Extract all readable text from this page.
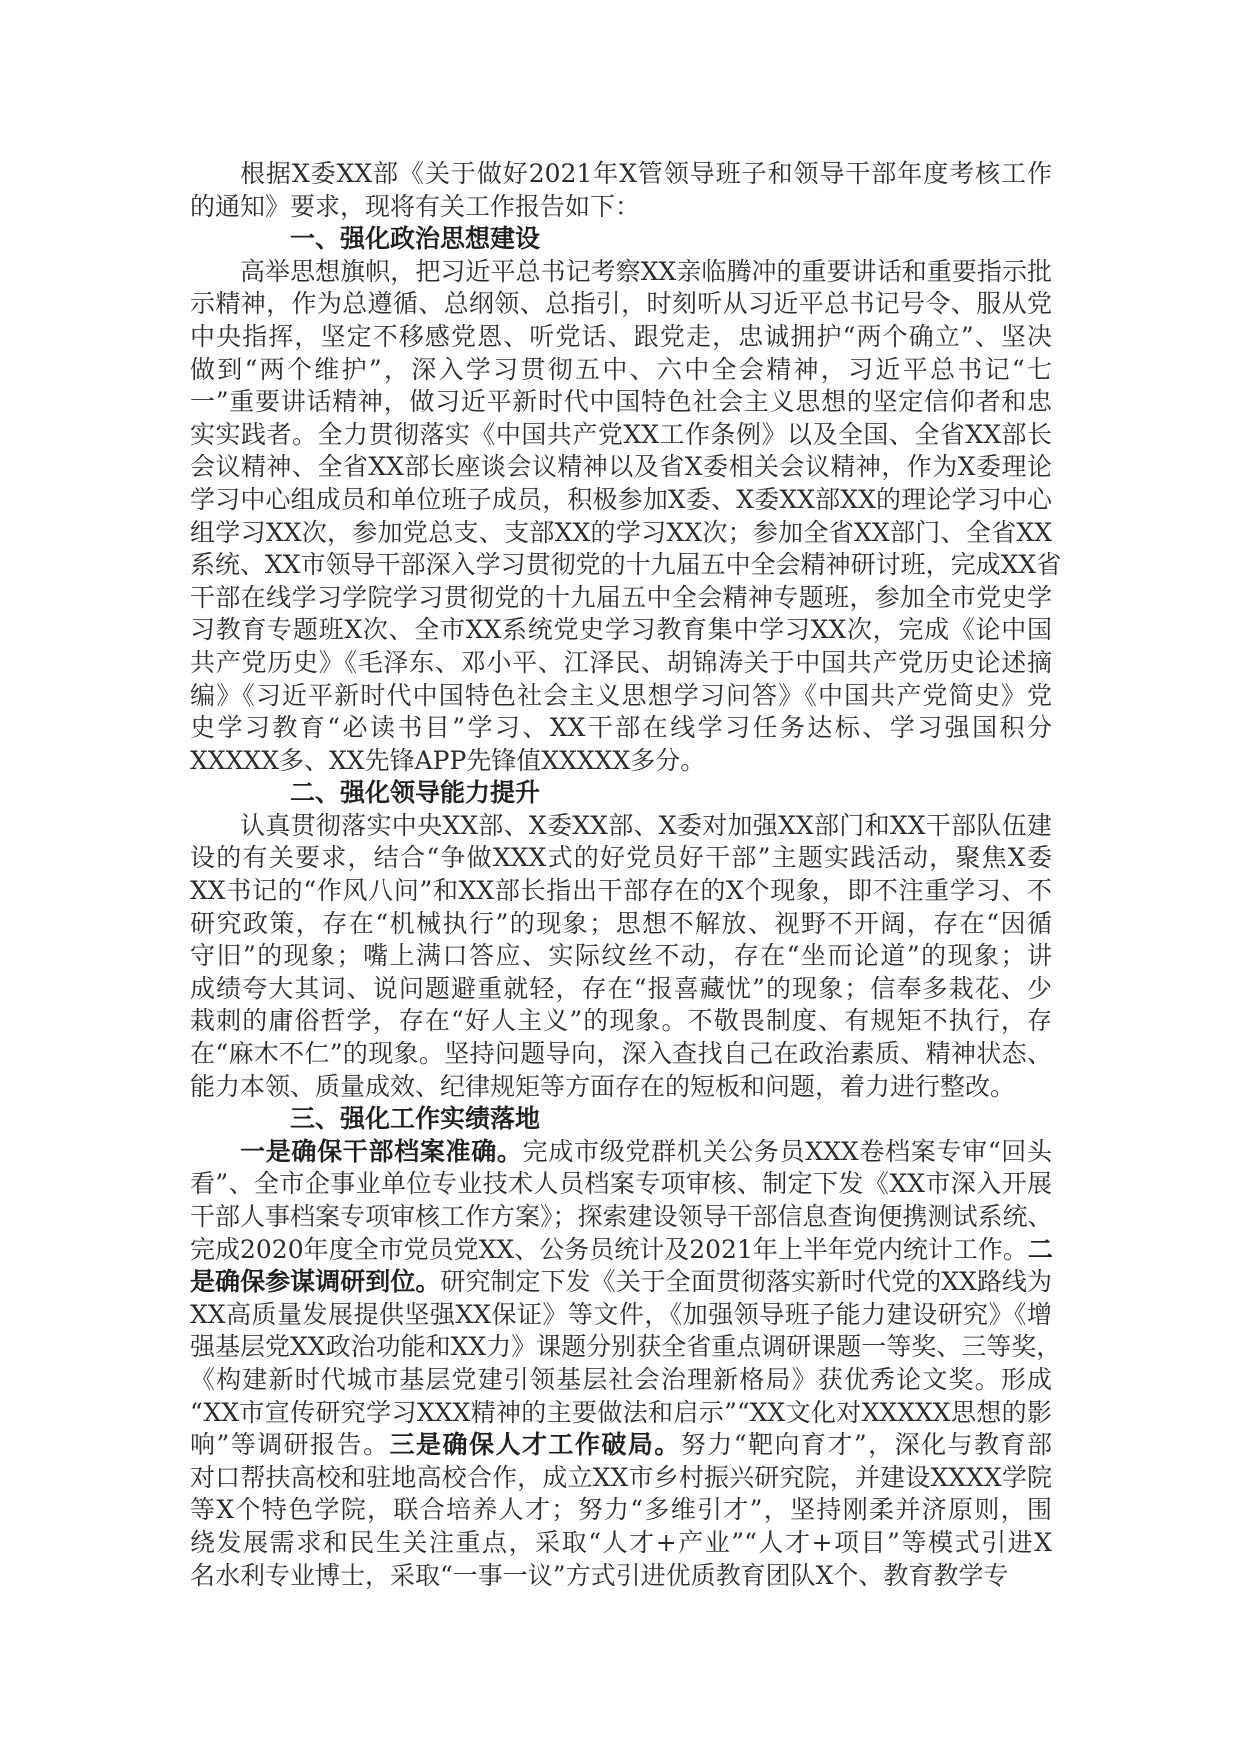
根据X委XX部《关于做好2021年X管领导班子和领导干部年度考核工作
的通知》要求，现将有关工作报告如下：
一、强化政治思想建设
高举思想旗帜，把习近平总书记考察XX亲临腾冲的重要讲话和重要指示批
示精神，作为总遵循、总纲领、总指引，时刻听从习近平总书记号令、服从党
中央指挥，坚定不移感党恩、听党话、跟党走，忠诚拥护“两个确立”、坚决
做到“两个维护”，深入学习贯彻五中、六中全会精神，习近平总书记“七
一”重要讲话精神，做习近平新时代中国特色社会主义思想的坚定信仰者和忠
实实践者。全力贯彻落实《中国共产党XX工作条例》以及全国、全省XX部长
会议精神、全省XX部长座谈会议精神以及省X委相关会议精神，作为X委理论
学习中心组成员和单位班子成员，积极参加X委、X委XX部XX的理论学习中心
组学习XX次，参加党总支、支部XX的学习XX次；参加全省XX部门、全省XX
系统、XX市领导干部深入学习贯彻党的十九届五中全会精神研讨班，完成XX省
干部在线学习学院学习贯彻党的十九届五中全会精神专题班，参加全市党史学
习教育专题班X次、全市XX系统党史学习教育集中学习XX次，完成《论中国
共产党历史》《毛泽东、邓小平、江泽民、胡锦涛关于中国共产党历史论述摘
编》《习近平新时代中国特色社会主义思想学习问答》《中国共产党简史》党
史学习教育“必读书目”学习、XX干部在线学习任务达标、学习强国积分
XXXXX多、XX先锋APP先锋值XXXXX多分。
二、强化领导能力提升
认真贯彻落实中央XX部、X委XX部、X委对加强XX部门和XX干部队伍建
设的有关要求，结合“争做XXX式的好党员好干部”主题实践活动，聚焦X委
XX书记的“作风八问”和XX部长指出干部存在的X个现象，即不注重学习、不
研究政策，存在“机械执行”的现象；思想不解放、视野不开阔，存在“因循
守旧”的现象；嘴上满口答应、实际纹丝不动，存在“坐而论道”的现象；讲
成绩夸大其词、说问题避重就轻，存在“报喜藏忧”的现象；信奉多栽花、少
栽刺的庸俗哲学，存在“好人主义”的现象。不敬畏制度、有规矩不执行，存
在“麻木不仁”的现象。坚持问题导向，深入查找自己在政治素质、精神状态、
能力本领、质量成效、纪律规矩等方面存在的短板和问题，着力进行整改。
三、强化工作实绩落地
一是确保干部档案准确。完成市级党群机关公务员XXX卷档案专审“回头
看”、全市企事业单位专业技术人员档案专项审核、制定下发《XX市深入开展
干部人事档案专项审核工作方案》；探索建设领导干部信息查询便携测试系统、
完成2020年度全市党员党XX、公务员统计及2021年上半年党内统计工作。二
是确保参谋调研到位。研究制定下发《关于全面贯彻落实新时代党的XX路线为
XX高质量发展提供坚强XX保证》等文件，《加强领导班子能力建设研究》《增
强基层党XX政治功能和XX力》课题分别获全省重点调研课题一等奖、三等奖，
《构建新时代城市基层党建引领基层社会治理新格局》获优秀论文奖。形成
“XX市宣传研究学习XXX精神的主要做法和启示”“XX文化对XXXXX思想的影
响”等调研报告。三是确保人才工作破局。努力“靶向育才”，深化与教育部
对口帮扶高校和驻地高校合作，成立XX市乡村振兴研究院，并建设XXXX学院
等X个特色学院，联合培养人才；努力“多维引才”，坚持刚柔并济原则，围
绕发展需求和民生关注重点，采取“人才+产业”“人才+项目”等模式引进X
名水利专业博士，采取“一事一议”方式引进优质教育团队X个、教育教学专
